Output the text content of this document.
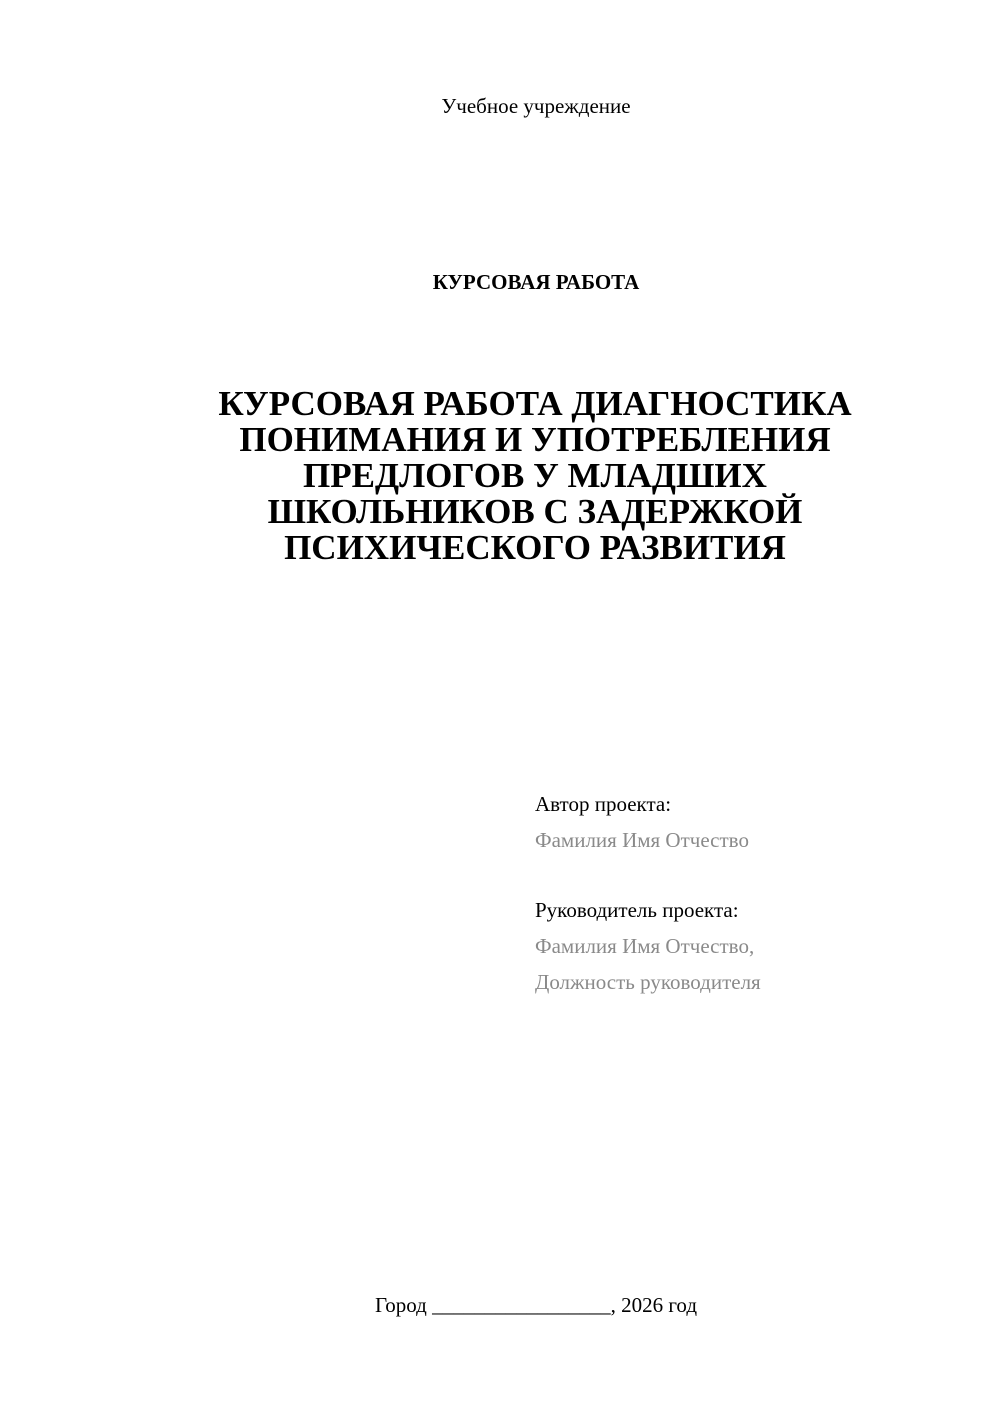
Учебное учреждение
КУРСОВАЯ РАБОТА
КУРСОВАЯ РАБОТА ДИАГНОСТИКА
ПОНИМАНИЯ И УПОТРЕБЛЕНИЯ
ПРЕДЛОГОВ У МЛАДШИХ
ШКОЛЬНИКОВ С ЗАДЕРЖКОЙ
ПСИХИЧЕСКОГО РАЗВИТИЯ
Автор проекта:
Фамилия Имя Отчество
Руководитель проекта:
Фамилия Имя Отчество,
Должность руководителя
Город _________________, 2026 год
